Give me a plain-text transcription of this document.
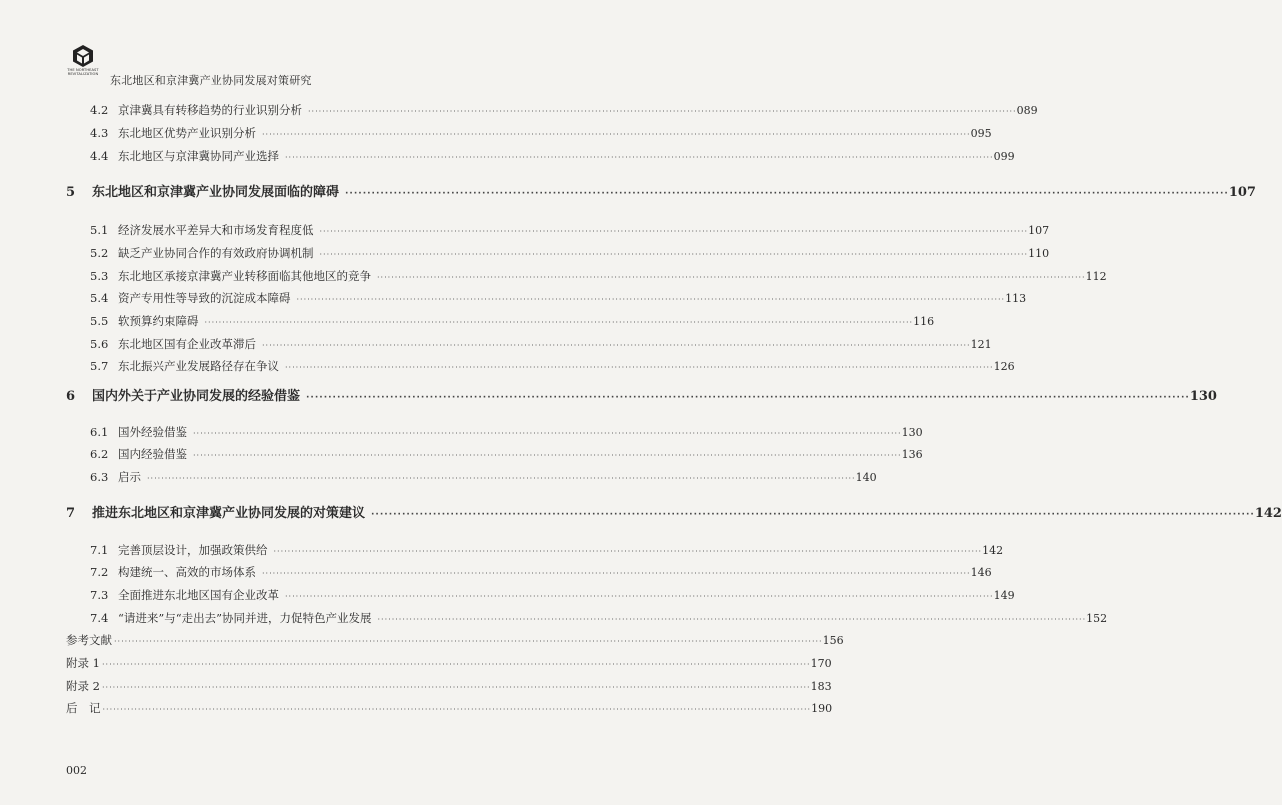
THE NORTHEAST
REVITALIZATION 东北地区和京津冀产业协同发展对策研究
4.2 京津冀具有转移趋势的行业识别分析 ········································································································································································································ 089
4.3 东北地区优势产业识别分析 ········································································································································································································ 095
4.4 东北地区与京津冀协同产业选择 ········································································································································································································ 099
5	东北地区和京津冀产业协同发展面临的障碍 ········································································································································································································ 107
5.1 经济发展水平差异大和市场发育程度低 ········································································································································································································ 107
5.2 缺乏产业协同合作的有效政府协调机制 ········································································································································································································ 110
5.3 东北地区承接京津冀产业转移面临其他地区的竞争 ········································································································································································································ 112
5.4 资产专用性等导致的沉淀成本障碍 ········································································································································································································ 113
5.5 软预算约束障碍 ········································································································································································································ 116
5.6 东北地区国有企业改革滞后 ········································································································································································································ 121
5.7 东北振兴产业发展路径存在争议 ········································································································································································································ 126
6	国内外关于产业协同发展的经验借鉴 ········································································································································································································ 130
6.1 国外经验借鉴 ········································································································································································································ 130
6.2 国内经验借鉴 ········································································································································································································ 136
6.3 启示 ········································································································································································································ 140
7	推进东北地区和京津冀产业协同发展的对策建议 ········································································································································································································ 142
7.1 完善顶层设计，加强政策供给 ········································································································································································································ 142
7.2 构建统一、高效的市场体系 ········································································································································································································ 146
7.3 全面推进东北地区国有企业改革 ········································································································································································································ 149
7.4 “请进来”与“走出去”协同并进，力促特色产业发展 ········································································································································································································ 152
参考文献 ········································································································································································································ 156
附录 1 ········································································································································································································ 170
附录 2 ········································································································································································································ 183
后　记 ········································································································································································································ 190
002
